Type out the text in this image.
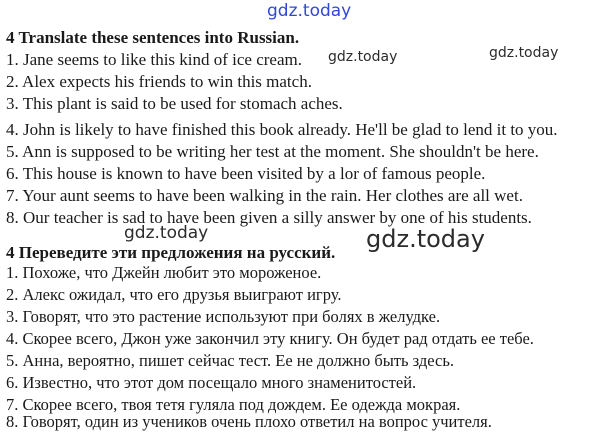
gdz.today
gdz.today	gdz.today
gdz.today	gdz.today
4 Translate these sentences into Russian.
1. Jane seems to like this kind of ice cream.
2. Alex expects his friends to win this match.
3. This plant is said to be used for stomach aches.
4. John is likely to have finished this book already. He'll be glad to lend it to you.
5. Ann is supposed to be writing her test at the moment. She shouldn't be here.
6. This house is known to have been visited by a lor of famous people.
7. Your aunt seems to have been walking in the rain. Her clothes are all wet.
8. Our teacher is sad to have been given a silly answer by one of his students.
4 Переведите эти предложения на русский.
1. Похоже, что Джейн любит это мороженое.
2. Алекс ожидал, что его друзья выиграют игру.
3. Говорят, что это растение используют при болях в желудке.
4. Скорее всего, Джон уже закончил эту книгу. Он будет рад отдать ее тебе.
5. Анна, вероятно, пишет сейчас тест. Ее не должно быть здесь.
6. Известно, что этот дом посещало много знаменитостей.
7. Скорее всего, твоя тетя гуляла под дождем. Ее одежда мокрая.
8. Говорят, один из учеников очень плохо ответил на вопрос учителя.
